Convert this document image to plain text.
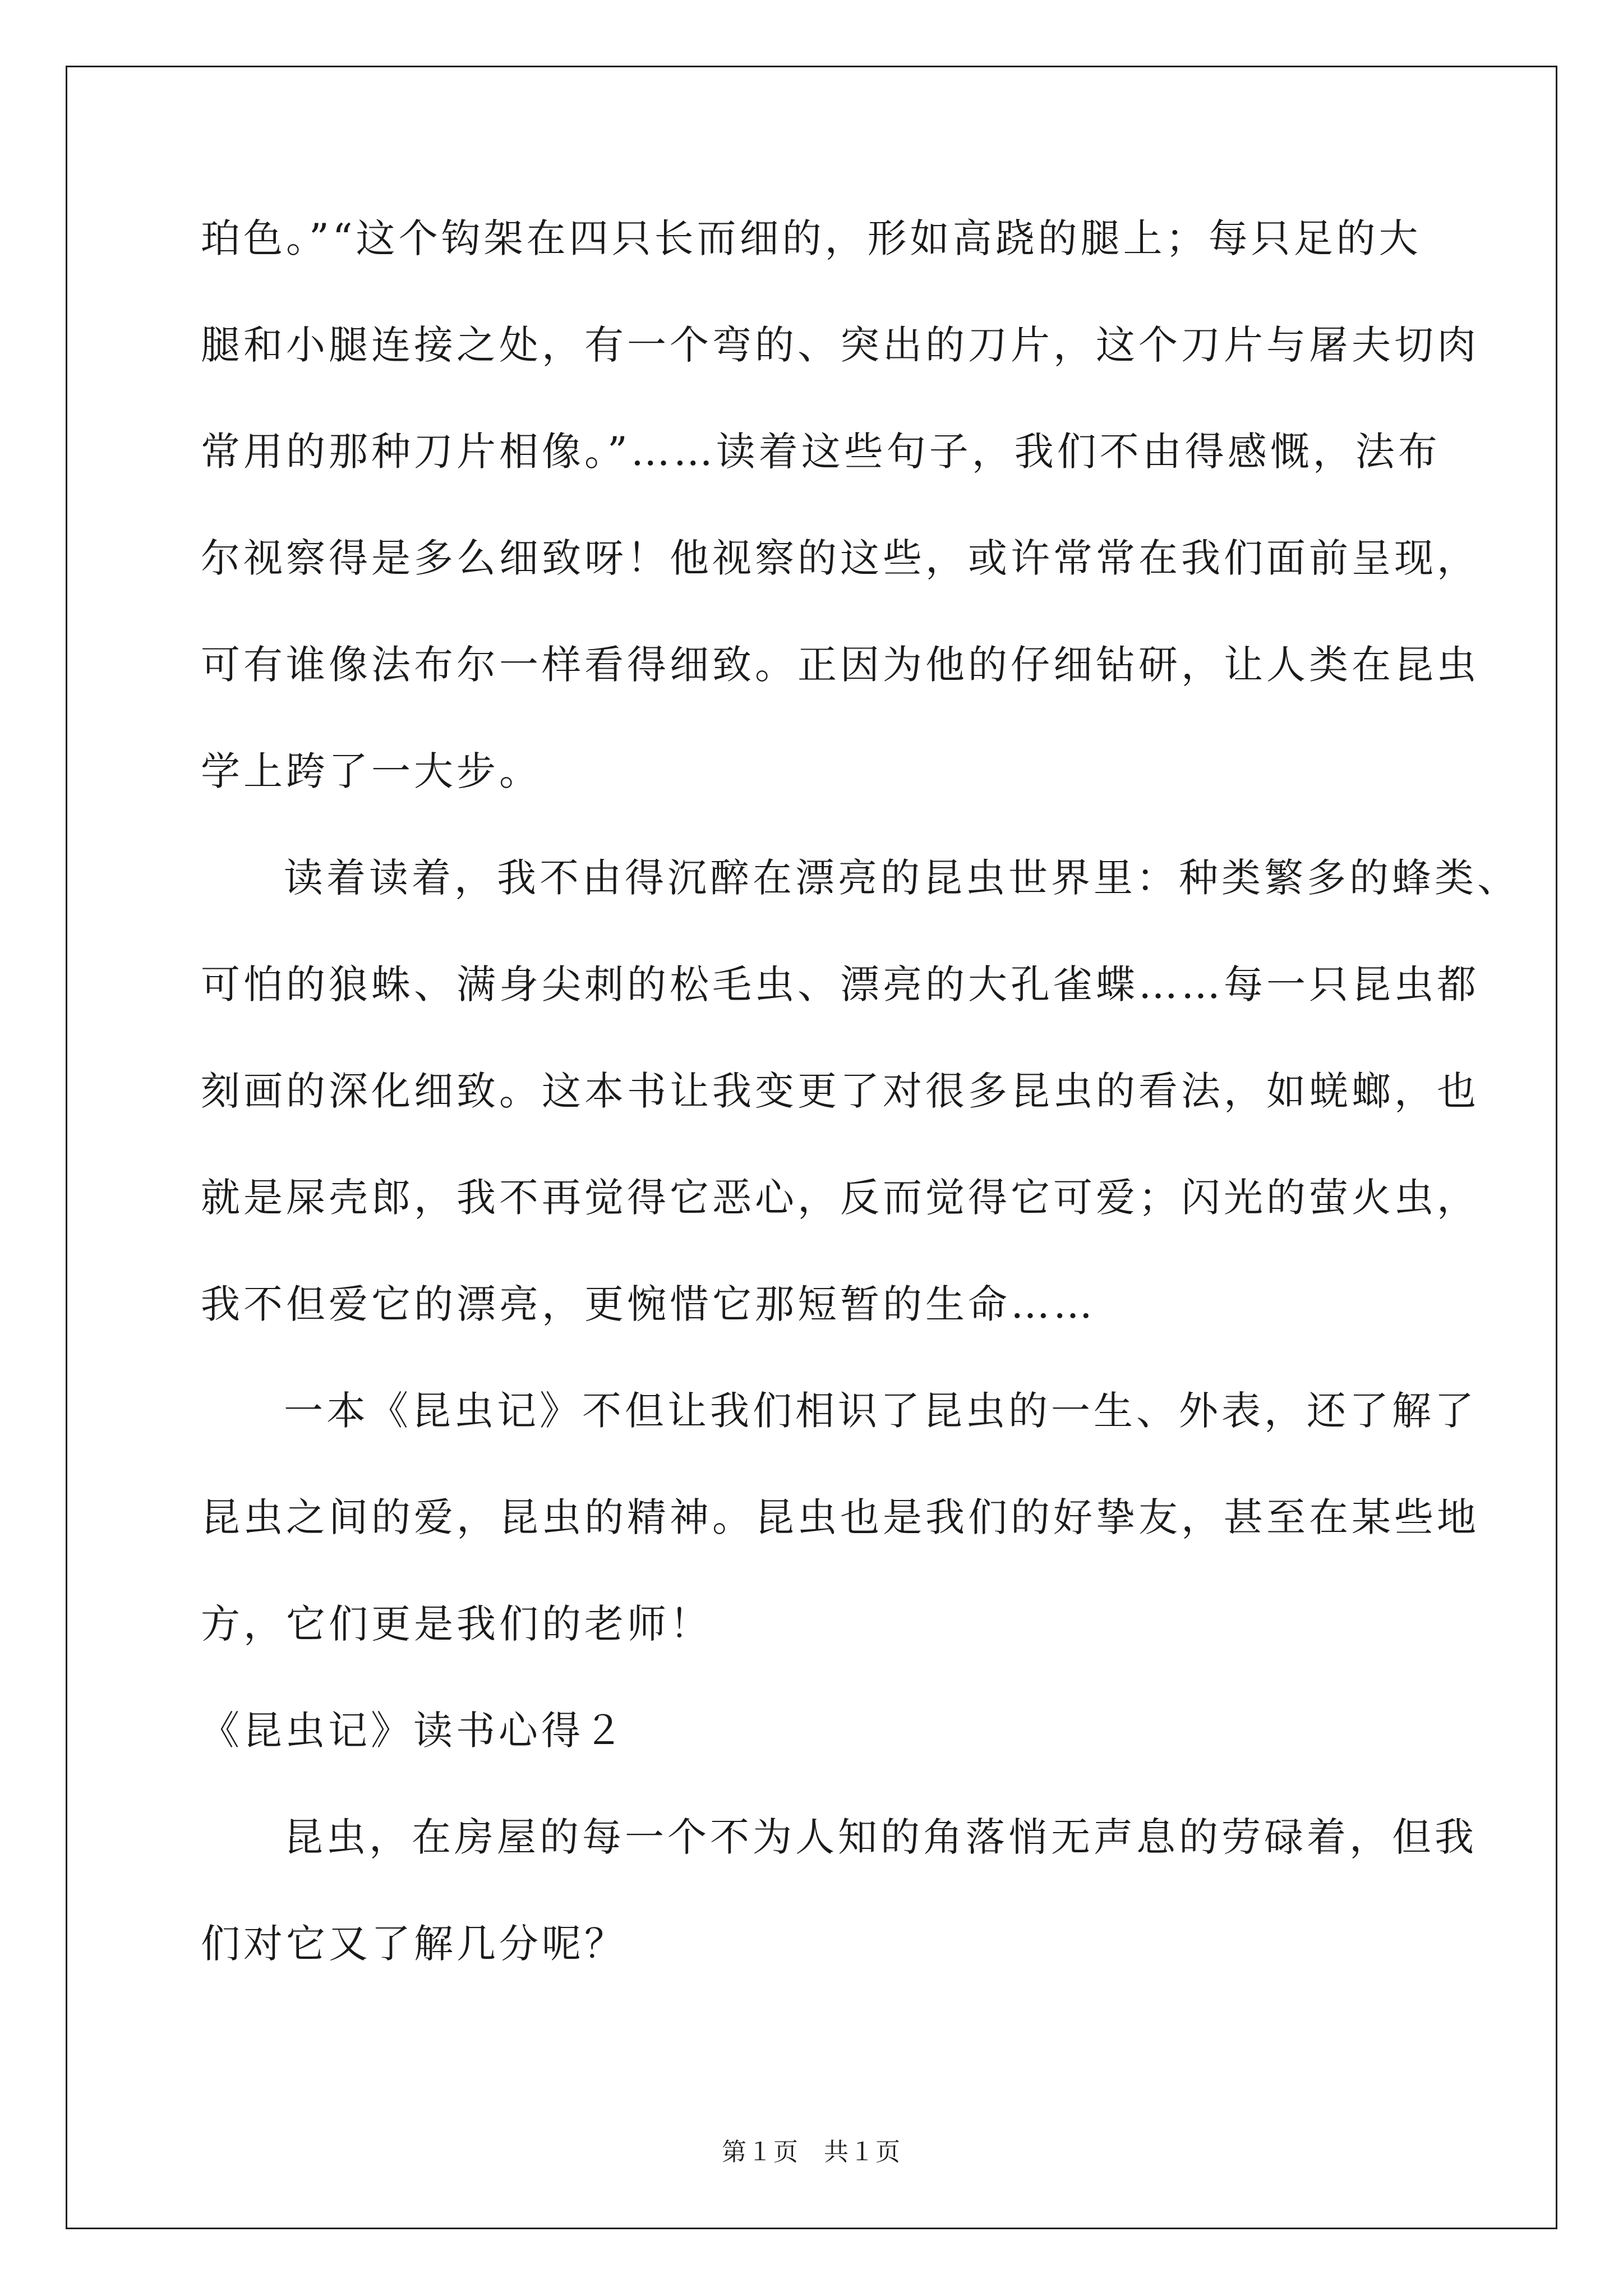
珀色。”“这个钩架在四只长而细的，形如高跷的腿上；每只足的大
腿和小腿连接之处，有一个弯的、突出的刀片，这个刀片与屠夫切肉
常用的那种刀片相像。”……读着这些句子，我们不由得感慨，法布
尔视察得是多么细致呀！他视察的这些，或许常常在我们面前呈现，
可有谁像法布尔一样看得细致。正因为他的仔细钻研，让人类在昆虫
学上跨了一大步。
读着读着，我不由得沉醉在漂亮的昆虫世界里：种类繁多的蜂类、
可怕的狼蛛、满身尖刺的松毛虫、漂亮的大孔雀蝶……每一只昆虫都
刻画的深化细致。这本书让我变更了对很多昆虫的看法，如蜣螂，也
就是屎壳郎，我不再觉得它恶心，反而觉得它可爱；闪光的萤火虫，
我不但爱它的漂亮，更惋惜它那短暂的生命……
一本《昆虫记》不但让我们相识了昆虫的一生、外表，还了解了
昆虫之间的爱，昆虫的精神。昆虫也是我们的好挚友，甚至在某些地
方，它们更是我们的老师！
《昆虫记》读书心得２
昆虫，在房屋的每一个不为人知的角落悄无声息的劳碌着，但我
们对它又了解几分呢？
第１页 共１页
